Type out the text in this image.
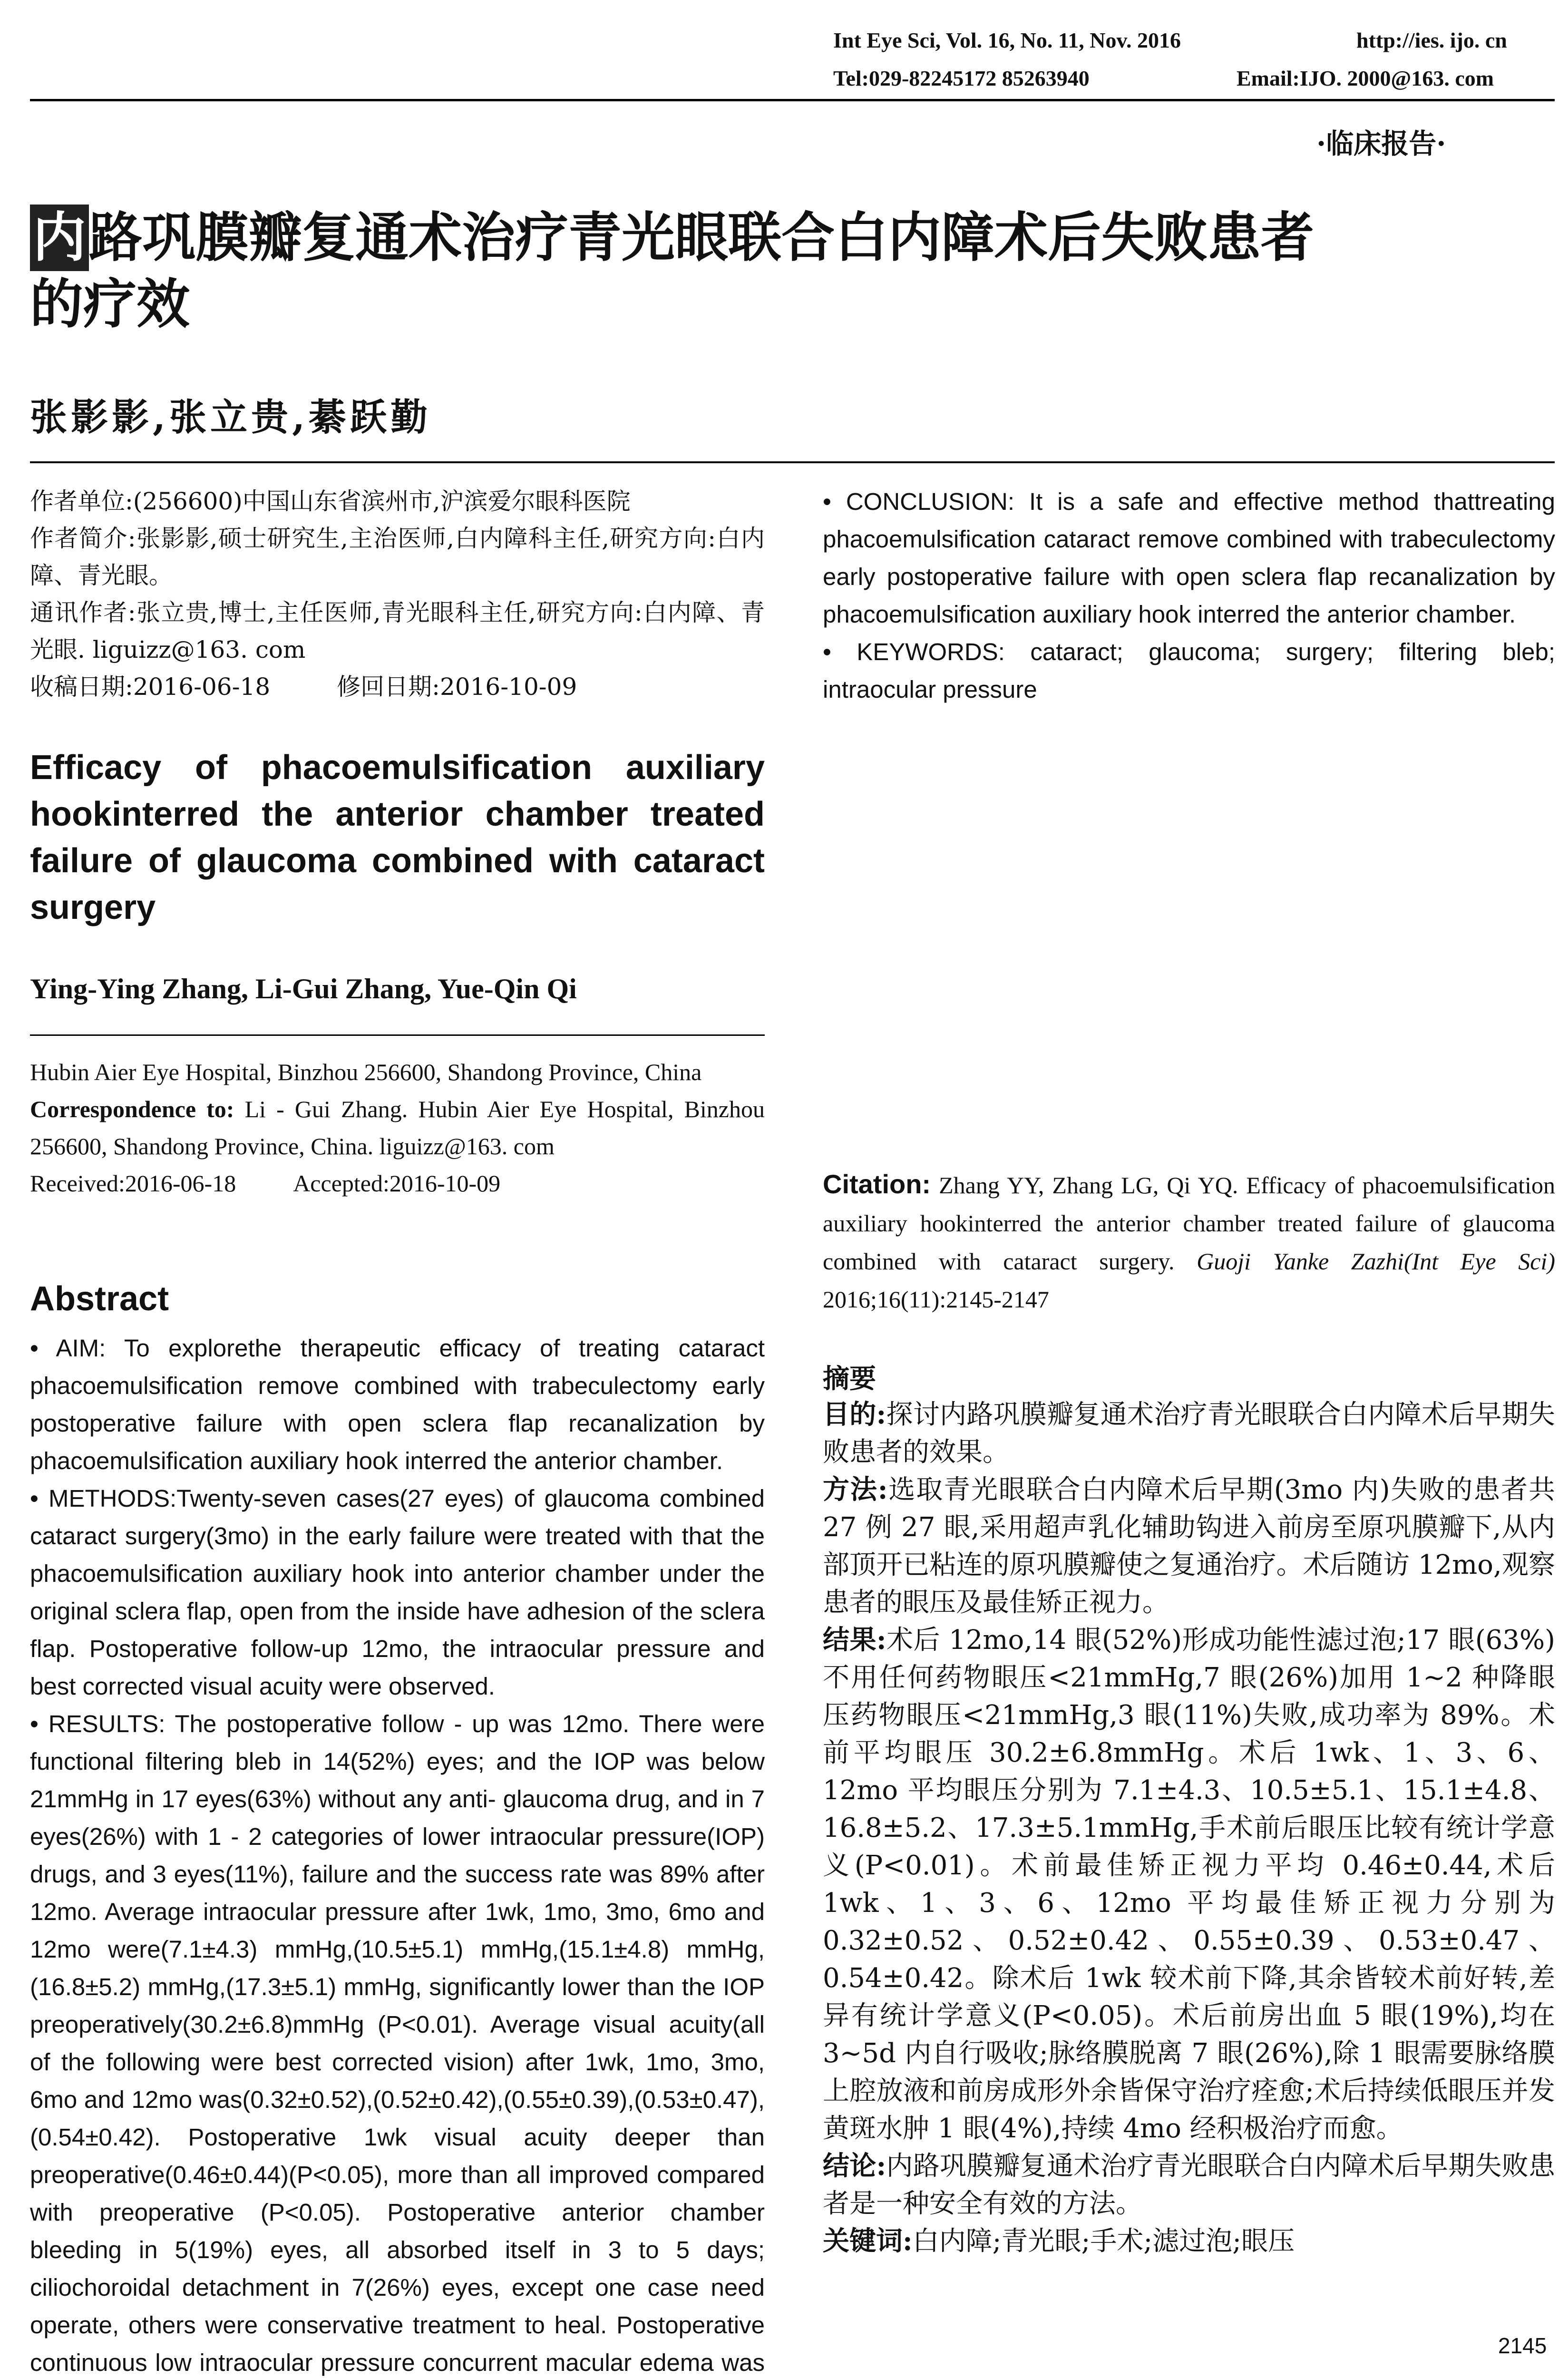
Int Eye Sci, Vol. 16, No. 11, Nov. 2016	http://ies. ijo. cn
Tel:029-82245172 85263940	Email:IJO. 2000@163. com
·临床报告·
内路巩膜瓣复通术治疗青光眼联合白内障术后失败患者
的疗效
张影影,张立贵,綦跃勤

作者单位:(256600)中国山东省滨州市,沪滨爱尔眼科医院

作者简介:张影影,硕士研究生,主治医师,白内障科主任,研究方向:白内障、青光眼。

通讯作者:张立贵,博士,主任医师,青光眼科主任,研究方向:白内障、青光眼. liguizz@163. com

收稿日期:2016-06-18	修回日期:2016-10-09

Efficacy of phacoemulsification auxiliary hookinterred the anterior chamber treated failure of glaucoma combined with cataract surgery
Ying-Ying Zhang, Li-Gui Zhang, Yue-Qin Qi
Hubin Aier Eye Hospital, Binzhou 256600, Shandong Province, China
Correspondence to: Li - Gui Zhang. Hubin Aier Eye Hospital, Binzhou 256600, Shandong Province, China. liguizz@163. com
Received:2016-06-18 Accepted:2016-10-09
Abstract

• AIM: To explorethe therapeutic efficacy of treating cataract phacoemulsification remove combined with trabeculectomy early postoperative failure with open sclera flap recanalization by phacoemulsification auxiliary hook interred the anterior chamber.

• METHODS:Twenty-seven cases(27 eyes) of glaucoma combined cataract surgery(3mo) in the early failure were treated with that the phacoemulsification auxiliary hook into anterior chamber under the original sclera flap, open from the inside have adhesion of the sclera flap. Postoperative follow-up 12mo, the intraocular pressure and best corrected visual acuity were observed.

• RESULTS: The postoperative follow - up was 12mo. There were functional filtering bleb in 14(52%) eyes; and the IOP was below 21mmHg in 17 eyes(63%) without any anti- glaucoma drug, and in 7 eyes(26%) with 1 - 2 categories of lower intraocular pressure(IOP) drugs, and 3 eyes(11%), failure and the success rate was 89% after 12mo. Average intraocular pressure after 1wk, 1mo, 3mo, 6mo and 12mo were(7.1±4.3) mmHg,(10.5±5.1) mmHg,(15.1±4.8) mmHg,(16.8±5.2) mmHg,(17.3±5.1) mmHg, significantly lower than the IOP preoperatively(30.2±6.8)mmHg (P<0.01). Average visual acuity(all of the following were best corrected vision) after 1wk, 1mo, 3mo, 6mo and 12mo was(0.32±0.52),(0.52±0.42),(0.55±0.39),(0.53±0.47),(0.54±0.42). Postoperative 1wk visual acuity deeper than preoperative(0.46±0.44)(P<0.05), more than all improved compared with preoperative (P<0.05). Postoperative anterior chamber bleeding in 5(19%) eyes, all absorbed itself in 3 to 5 days; ciliochoroidal detachment in 7(26%) eyes, except one case need operate, others were conservative treatment to heal. Postoperative continuous low intraocular pressure concurrent macular edema was

• CONCLUSION: It is a safe and effective method thattreating phacoemulsification cataract remove combined with trabeculectomy early postoperative failure with open sclera flap recanalization by phacoemulsification auxiliary hook interred the anterior chamber.

• KEYWORDS: cataract; glaucoma; surgery; filtering bleb; intraocular pressure

Citation: Zhang YY, Zhang LG, Qi YQ. Efficacy of phacoemulsification auxiliary hookinterred the anterior chamber treated failure of glaucoma combined with cataract surgery. Guoji Yanke Zazhi(Int Eye Sci) 2016;16(11):2145-2147
摘要

目的:探讨内路巩膜瓣复通术治疗青光眼联合白内障术后早期失败患者的效果。

方法:选取青光眼联合白内障术后早期(3mo 内)失败的患者共 27 例 27 眼,采用超声乳化辅助钩进入前房至原巩膜瓣下,从内部顶开已粘连的原巩膜瓣使之复通治疗。术后随访 12mo,观察患者的眼压及最佳矫正视力。

结果:术后 12mo,14 眼(52%)形成功能性滤过泡;17 眼(63%)不用任何药物眼压<21mmHg,7 眼(26%)加用 1~2 种降眼压药物眼压<21mmHg,3 眼(11%)失败,成功率为 89%。术前平均眼压 30.2±6.8mmHg。术后 1wk、1、3、6、12mo 平均眼压分别为 7.1±4.3、10.5±5.1、15.1±4.8、16.8±5.2、17.3±5.1mmHg,手术前后眼压比较有统计学意义(P<0.01)。术前最佳矫正视力平均 0.46±0.44,术后 1wk、1、3、6、12mo 平均最佳矫正视力分别为 0.32±0.52、0.52±0.42、0.55±0.39、0.53±0.47、0.54±0.42。除术后 1wk 较术前下降,其余皆较术前好转,差异有统计学意义(P<0.05)。术后前房出血 5 眼(19%),均在 3~5d 内自行吸收;脉络膜脱离 7 眼(26%),除 1 眼需要脉络膜上腔放液和前房成形外余皆保守治疗痊愈;术后持续低眼压并发黄斑水肿 1 眼(4%),持续 4mo 经积极治疗而愈。

结论:内路巩膜瓣复通术治疗青光眼联合白内障术后早期失败患者是一种安全有效的方法。

关键词:白内障;青光眼;手术;滤过泡;眼压

2145
